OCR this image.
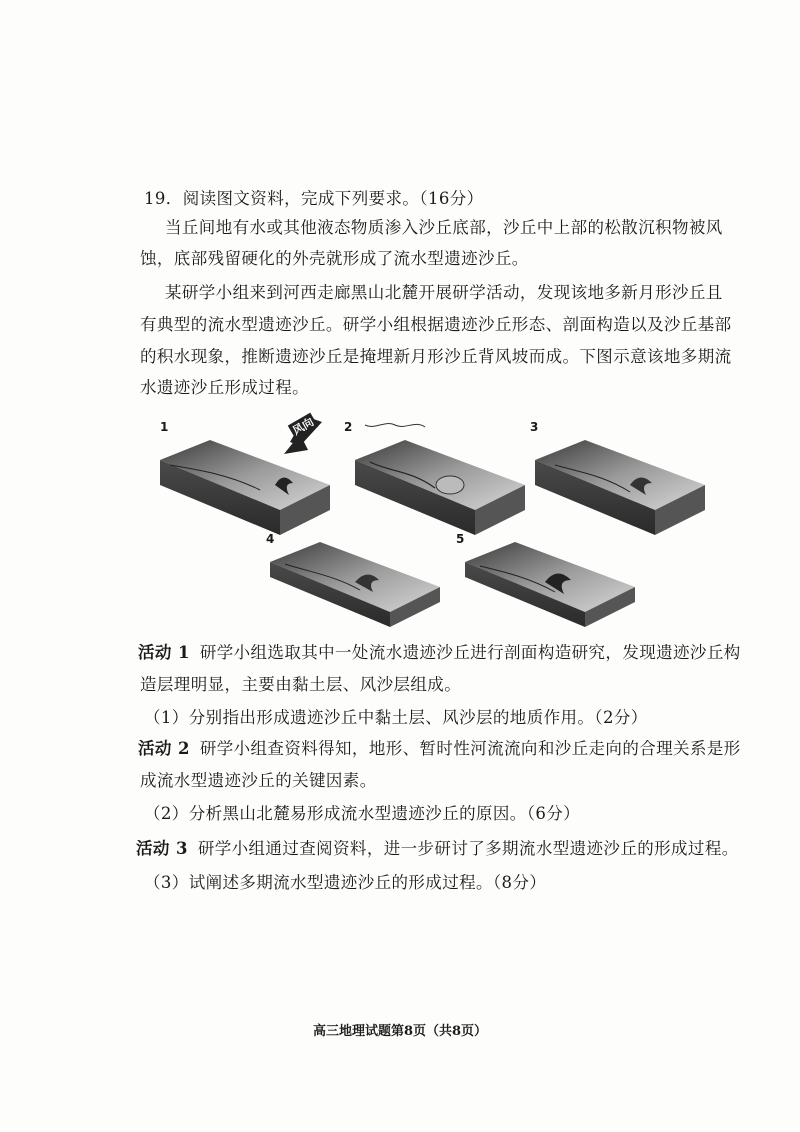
19．阅读图文资料，完成下列要求。（16分）
当丘间地有水或其他液态物质渗入沙丘底部，沙丘中上部的松散沉积物被风
蚀，底部残留硬化的外壳就形成了流水型遗迹沙丘。
某研学小组来到河西走廊黑山北麓开展研学活动，发现该地多新月形沙丘且
有典型的流水型遗迹沙丘。研学小组根据遗迹沙丘形态、剖面构造以及沙丘基部
的积水现象，推断遗迹沙丘是掩埋新月形沙丘背风坡而成。下图示意该地多期流
水遗迹沙丘形成过程。
1	2	3
4	5
风向
活动 1 研学小组选取其中一处流水遗迹沙丘进行剖面构造研究，发现遗迹沙丘构
造层理明显，主要由黏土层、风沙层组成。
（1）分别指出形成遗迹沙丘中黏土层、风沙层的地质作用。（2分）
活动 2 研学小组查资料得知，地形、暂时性河流流向和沙丘走向的合理关系是形
成流水型遗迹沙丘的关键因素。
（2）分析黑山北麓易形成流水型遗迹沙丘的原因。（6分）
活动 3 研学小组通过查阅资料，进一步研讨了多期流水型遗迹沙丘的形成过程。
（3）试阐述多期流水型遗迹沙丘的形成过程。（8分）
高三地理试题第8页（共8页）
